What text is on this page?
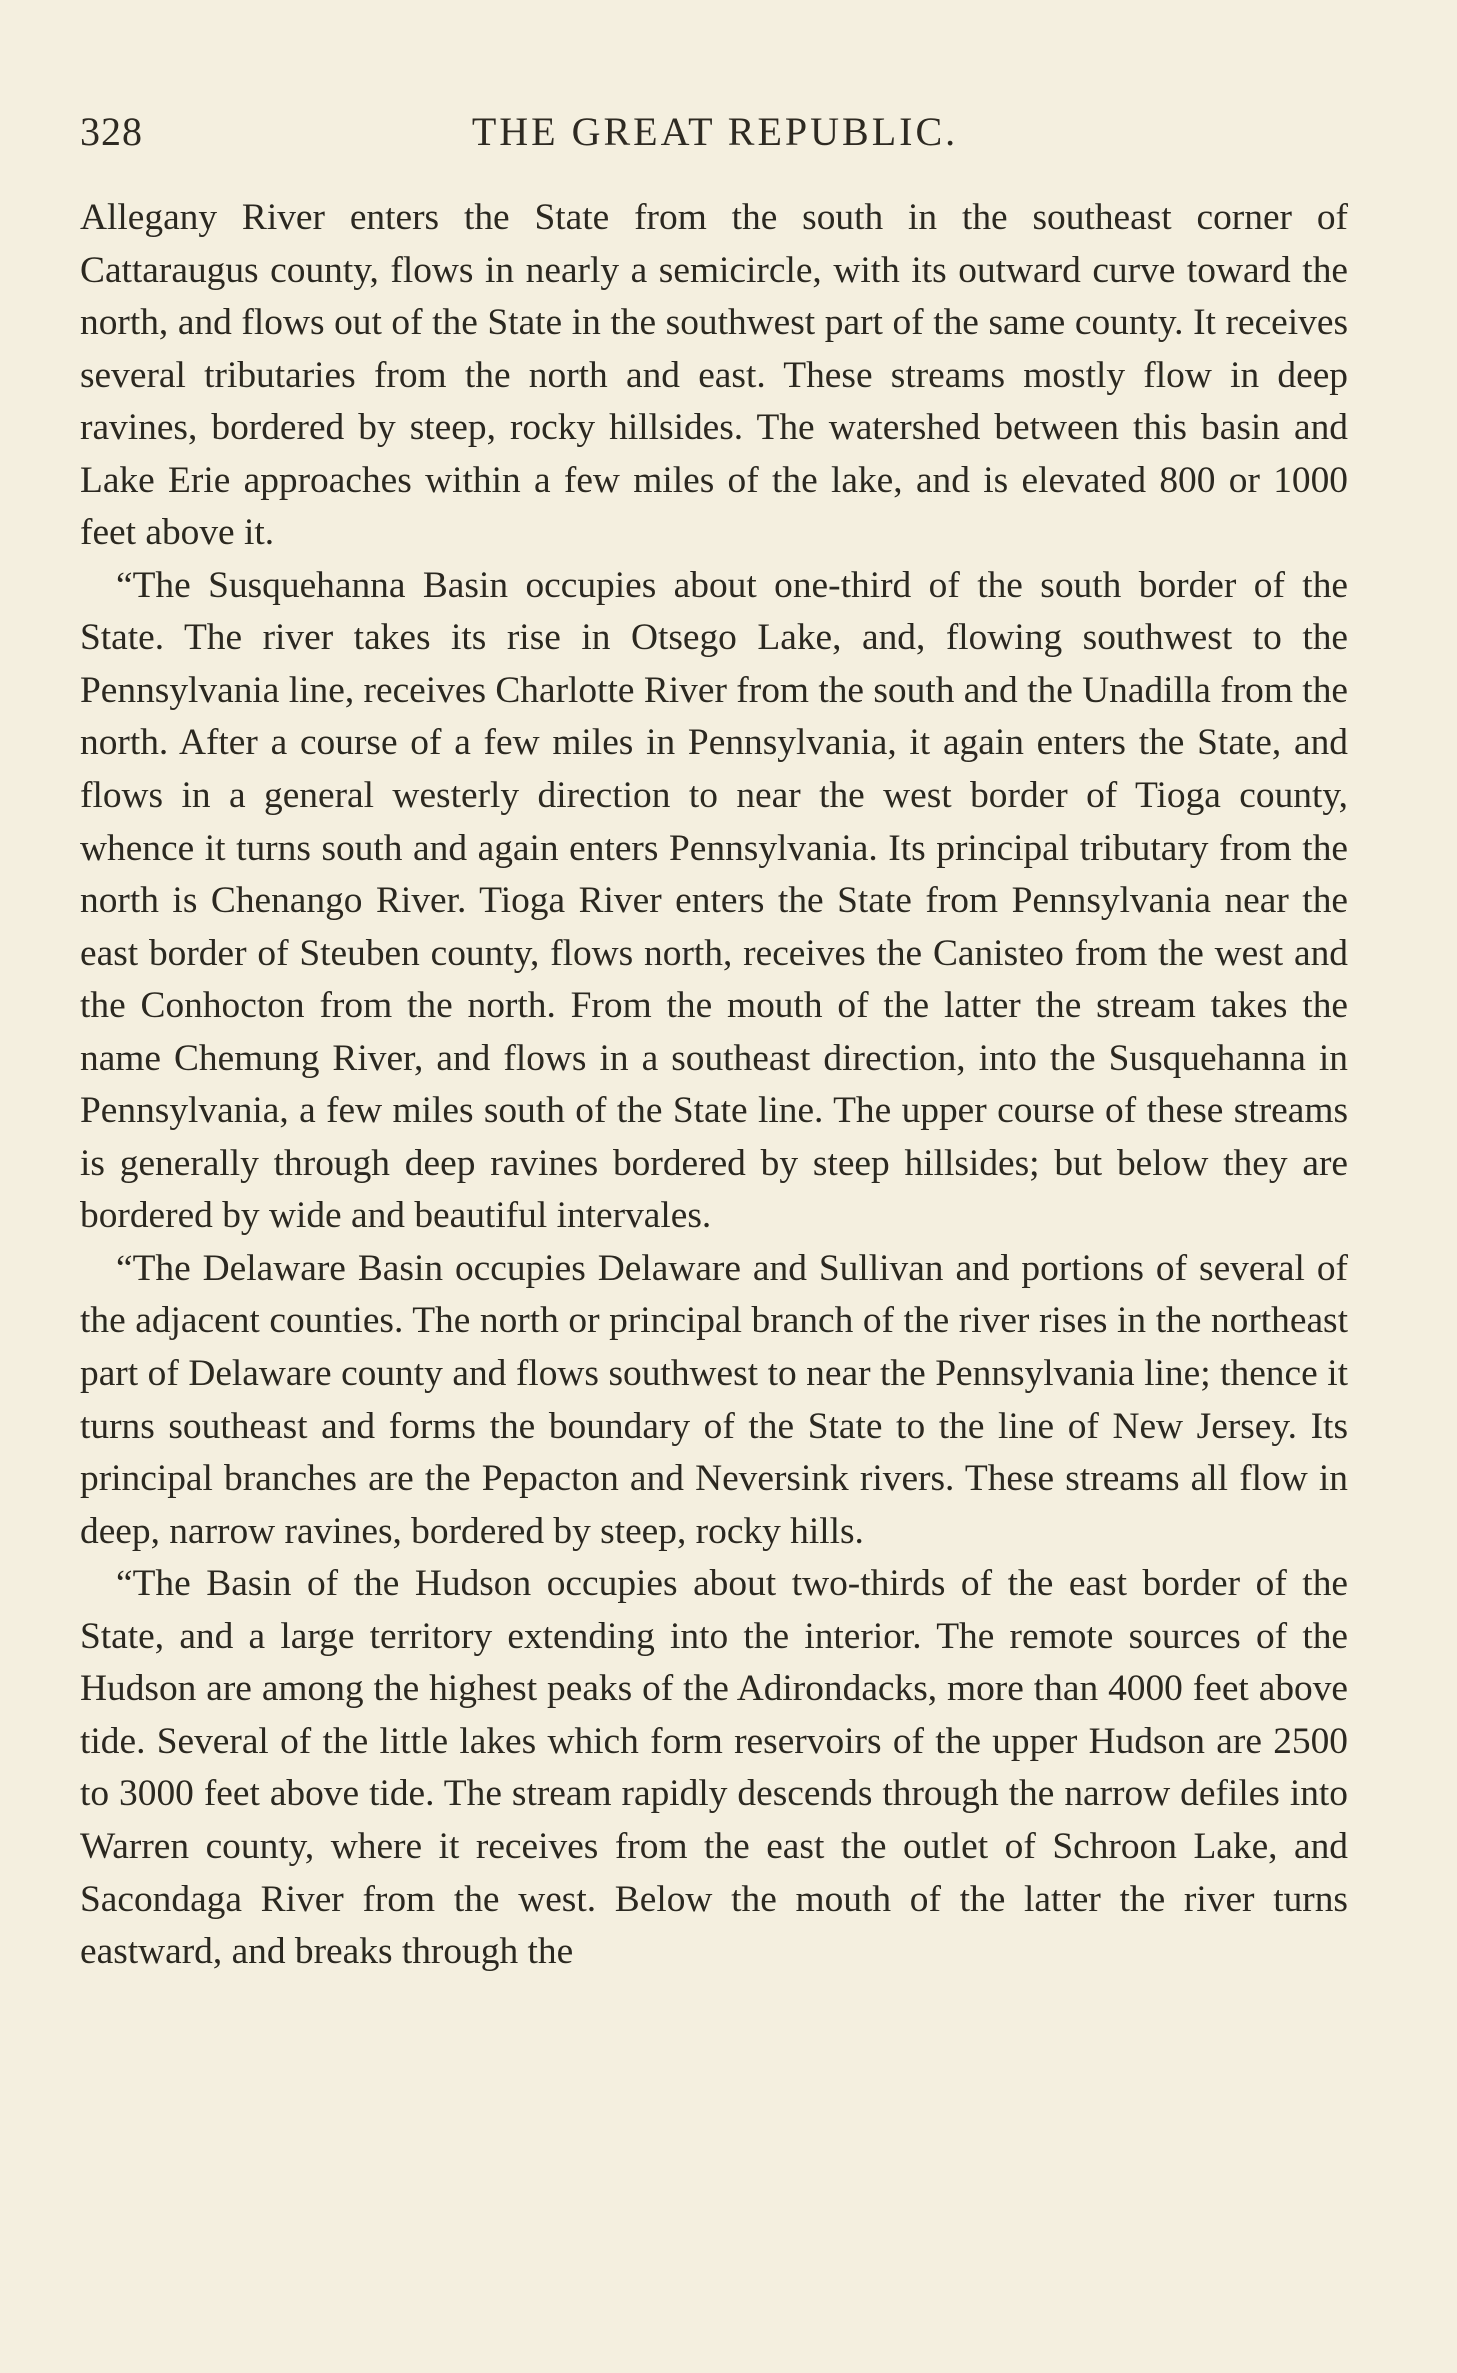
328	THE GREAT REPUBLIC.

Allegany River enters the State from the south in the southeast corner of Cattaraugus county, flows in nearly a semicircle, with its outward curve toward the north, and flows out of the State in the southwest part of the same county. It receives several tributaries from the north and east. These streams mostly flow in deep ravines, bordered by steep, rocky hillsides. The watershed between this basin and Lake Erie approaches within a few miles of the lake, and is elevated 800 or 1000 feet above it.

“The Susquehanna Basin occupies about one-third of the south border of the State. The river takes its rise in Otsego Lake, and, flowing southwest to the Pennsylvania line, receives Charlotte River from the south and the Unadilla from the north. After a course of a few miles in Pennsylvania, it again enters the State, and flows in a general westerly direction to near the west border of Tioga county, whence it turns south and again enters Pennsylvania. Its principal tributary from the north is Chenango River. Tioga River enters the State from Pennsylvania near the east border of Steuben county, flows north, receives the Canisteo from the west and the Conhocton from the north. From the mouth of the latter the stream takes the name Chemung River, and flows in a southeast direction, into the Susquehanna in Pennsylvania, a few miles south of the State line. The upper course of these streams is generally through deep ravines bordered by steep hillsides; but below they are bordered by wide and beautiful intervales.

“The Delaware Basin occupies Delaware and Sullivan and portions of several of the adjacent counties. The north or principal branch of the river rises in the northeast part of Delaware county and flows southwest to near the Pennsylvania line; thence it turns southeast and forms the boundary of the State to the line of New Jersey. Its principal branches are the Pepacton and Neversink rivers. These streams all flow in deep, narrow ravines, bordered by steep, rocky hills.

“The Basin of the Hudson occupies about two-thirds of the east border of the State, and a large territory extending into the interior. The remote sources of the Hudson are among the highest peaks of the Adirondacks, more than 4000 feet above tide. Several of the little lakes which form reservoirs of the upper Hudson are 2500 to 3000 feet above tide. The stream rapidly descends through the narrow defiles into Warren county, where it receives from the east the outlet of Schroon Lake, and Sacondaga River from the west. Below the mouth of the latter the river turns eastward, and breaks through the
